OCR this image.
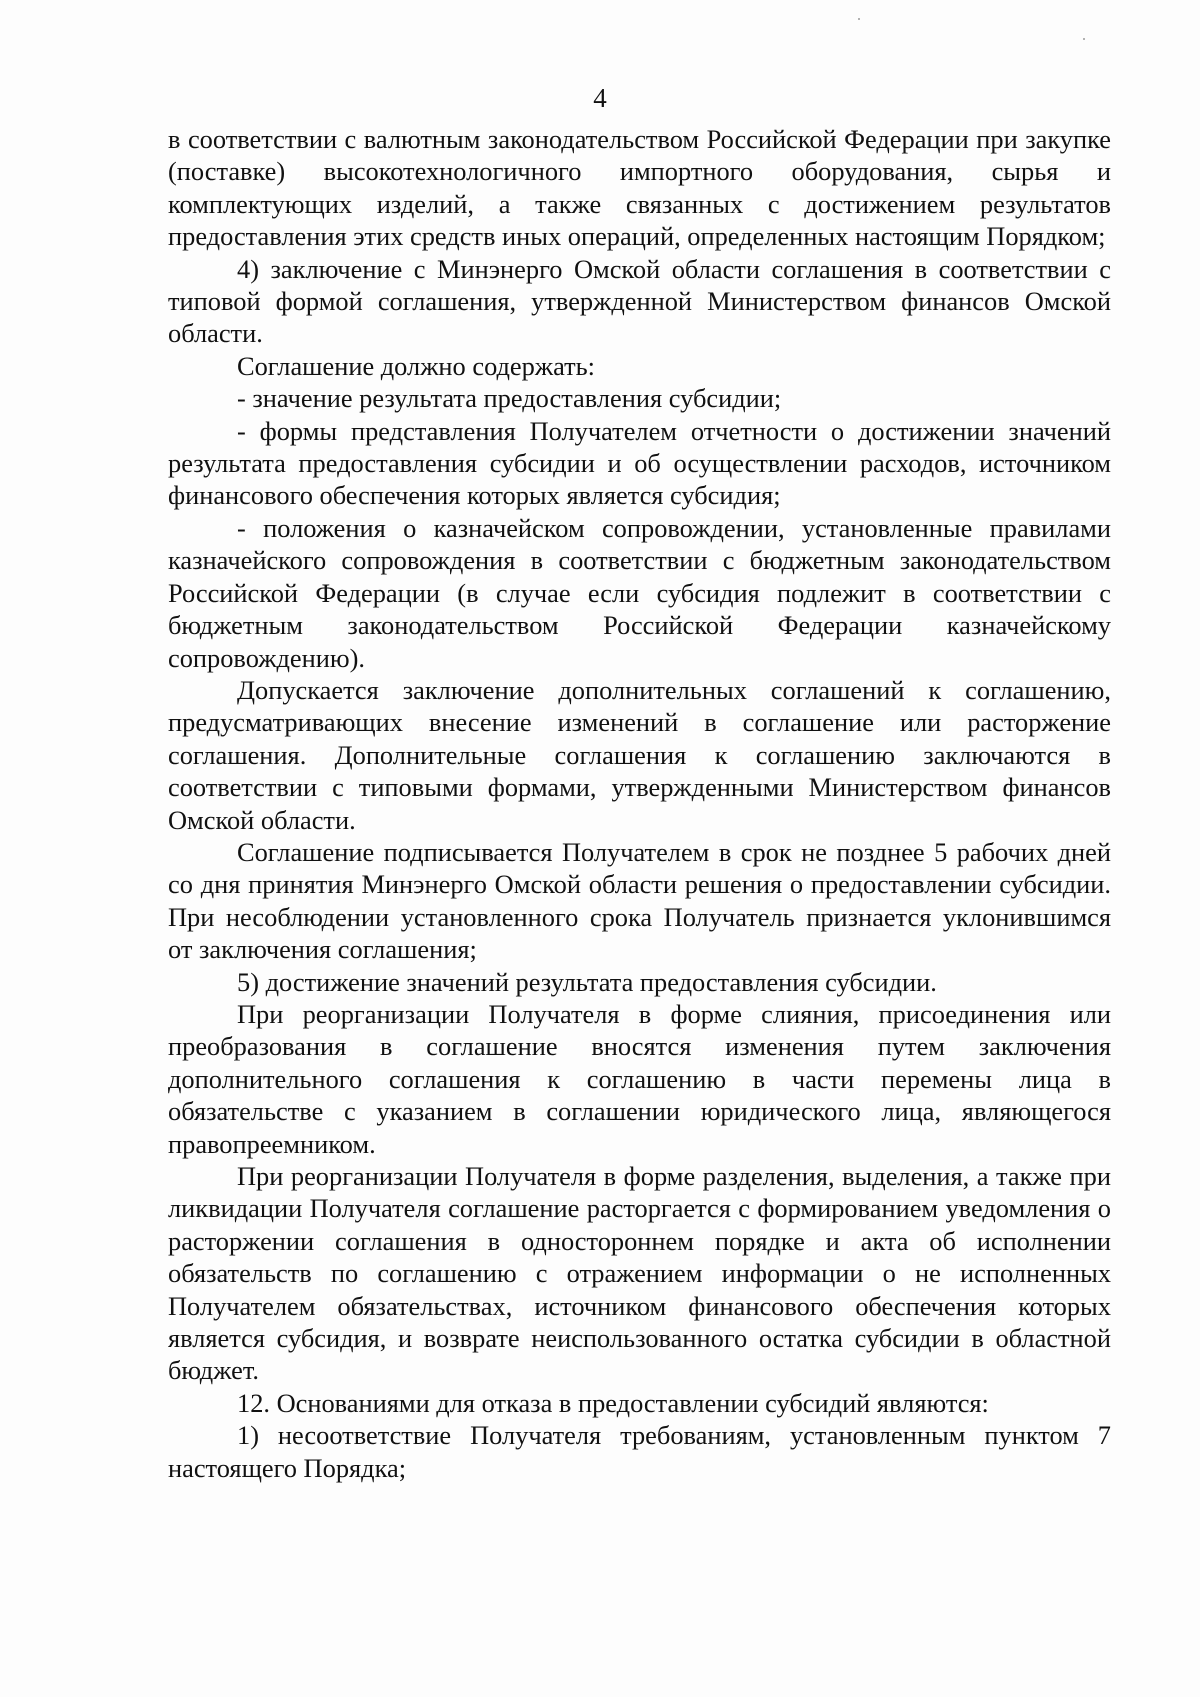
4

в соответствии с валютным законодательством Российской Федерации при закупке (поставке) высокотехнологичного импортного оборудования, сырья и комплектующих изделий, а также связанных с достижением результатов предоставления этих средств иных операций, определенных настоящим Порядком;

4) заключение с Минэнерго Омской области соглашения в соответствии с типовой формой соглашения, утвержденной Министерством финансов Омской области.

Соглашение должно содержать:

- значение результата предоставления субсидии;

- формы представления Получателем отчетности о достижении значений результата предоставления субсидии и об осуществлении расходов, источником финансового обеспечения которых является субсидия;

- положения о казначейском сопровождении, установленные правилами казначейского сопровождения в соответствии с бюджетным законодательством Российской Федерации (в случае если субсидия подлежит в соответствии с бюджетным законодательством Российской Федерации казначейскому сопровождению).

Допускается заключение дополнительных соглашений к соглашению, предусматривающих внесение изменений в соглашение или расторжение соглашения. Дополнительные соглашения к соглашению заключаются в соответствии с типовыми формами, утвержденными Министерством финансов Омской области.

Соглашение подписывается Получателем в срок не позднее 5 рабочих дней со дня принятия Минэнерго Омской области решения о предоставлении субсидии. При несоблюдении установленного срока Получатель признается уклонившимся от заключения соглашения;

5) достижение значений результата предоставления субсидии.

При реорганизации Получателя в форме слияния, присоединения или преобразования в соглашение вносятся изменения путем заключения дополнительного соглашения к соглашению в части перемены лица в обязательстве с указанием в соглашении юридического лица, являющегося правопреемником.

При реорганизации Получателя в форме разделения, выделения, а также при ликвидации Получателя соглашение расторгается с формированием уведомления о расторжении соглашения в одностороннем порядке и акта об исполнении обязательств по соглашению с отражением информации о не исполненных Получателем обязательствах, источником финансового обеспечения которых является субсидия, и возврате неиспользованного остатка субсидии в областной бюджет.

12. Основаниями для отказа в предоставлении субсидий являются:

1) несоответствие Получателя требованиям, установленным пунктом 7 настоящего Порядка;
